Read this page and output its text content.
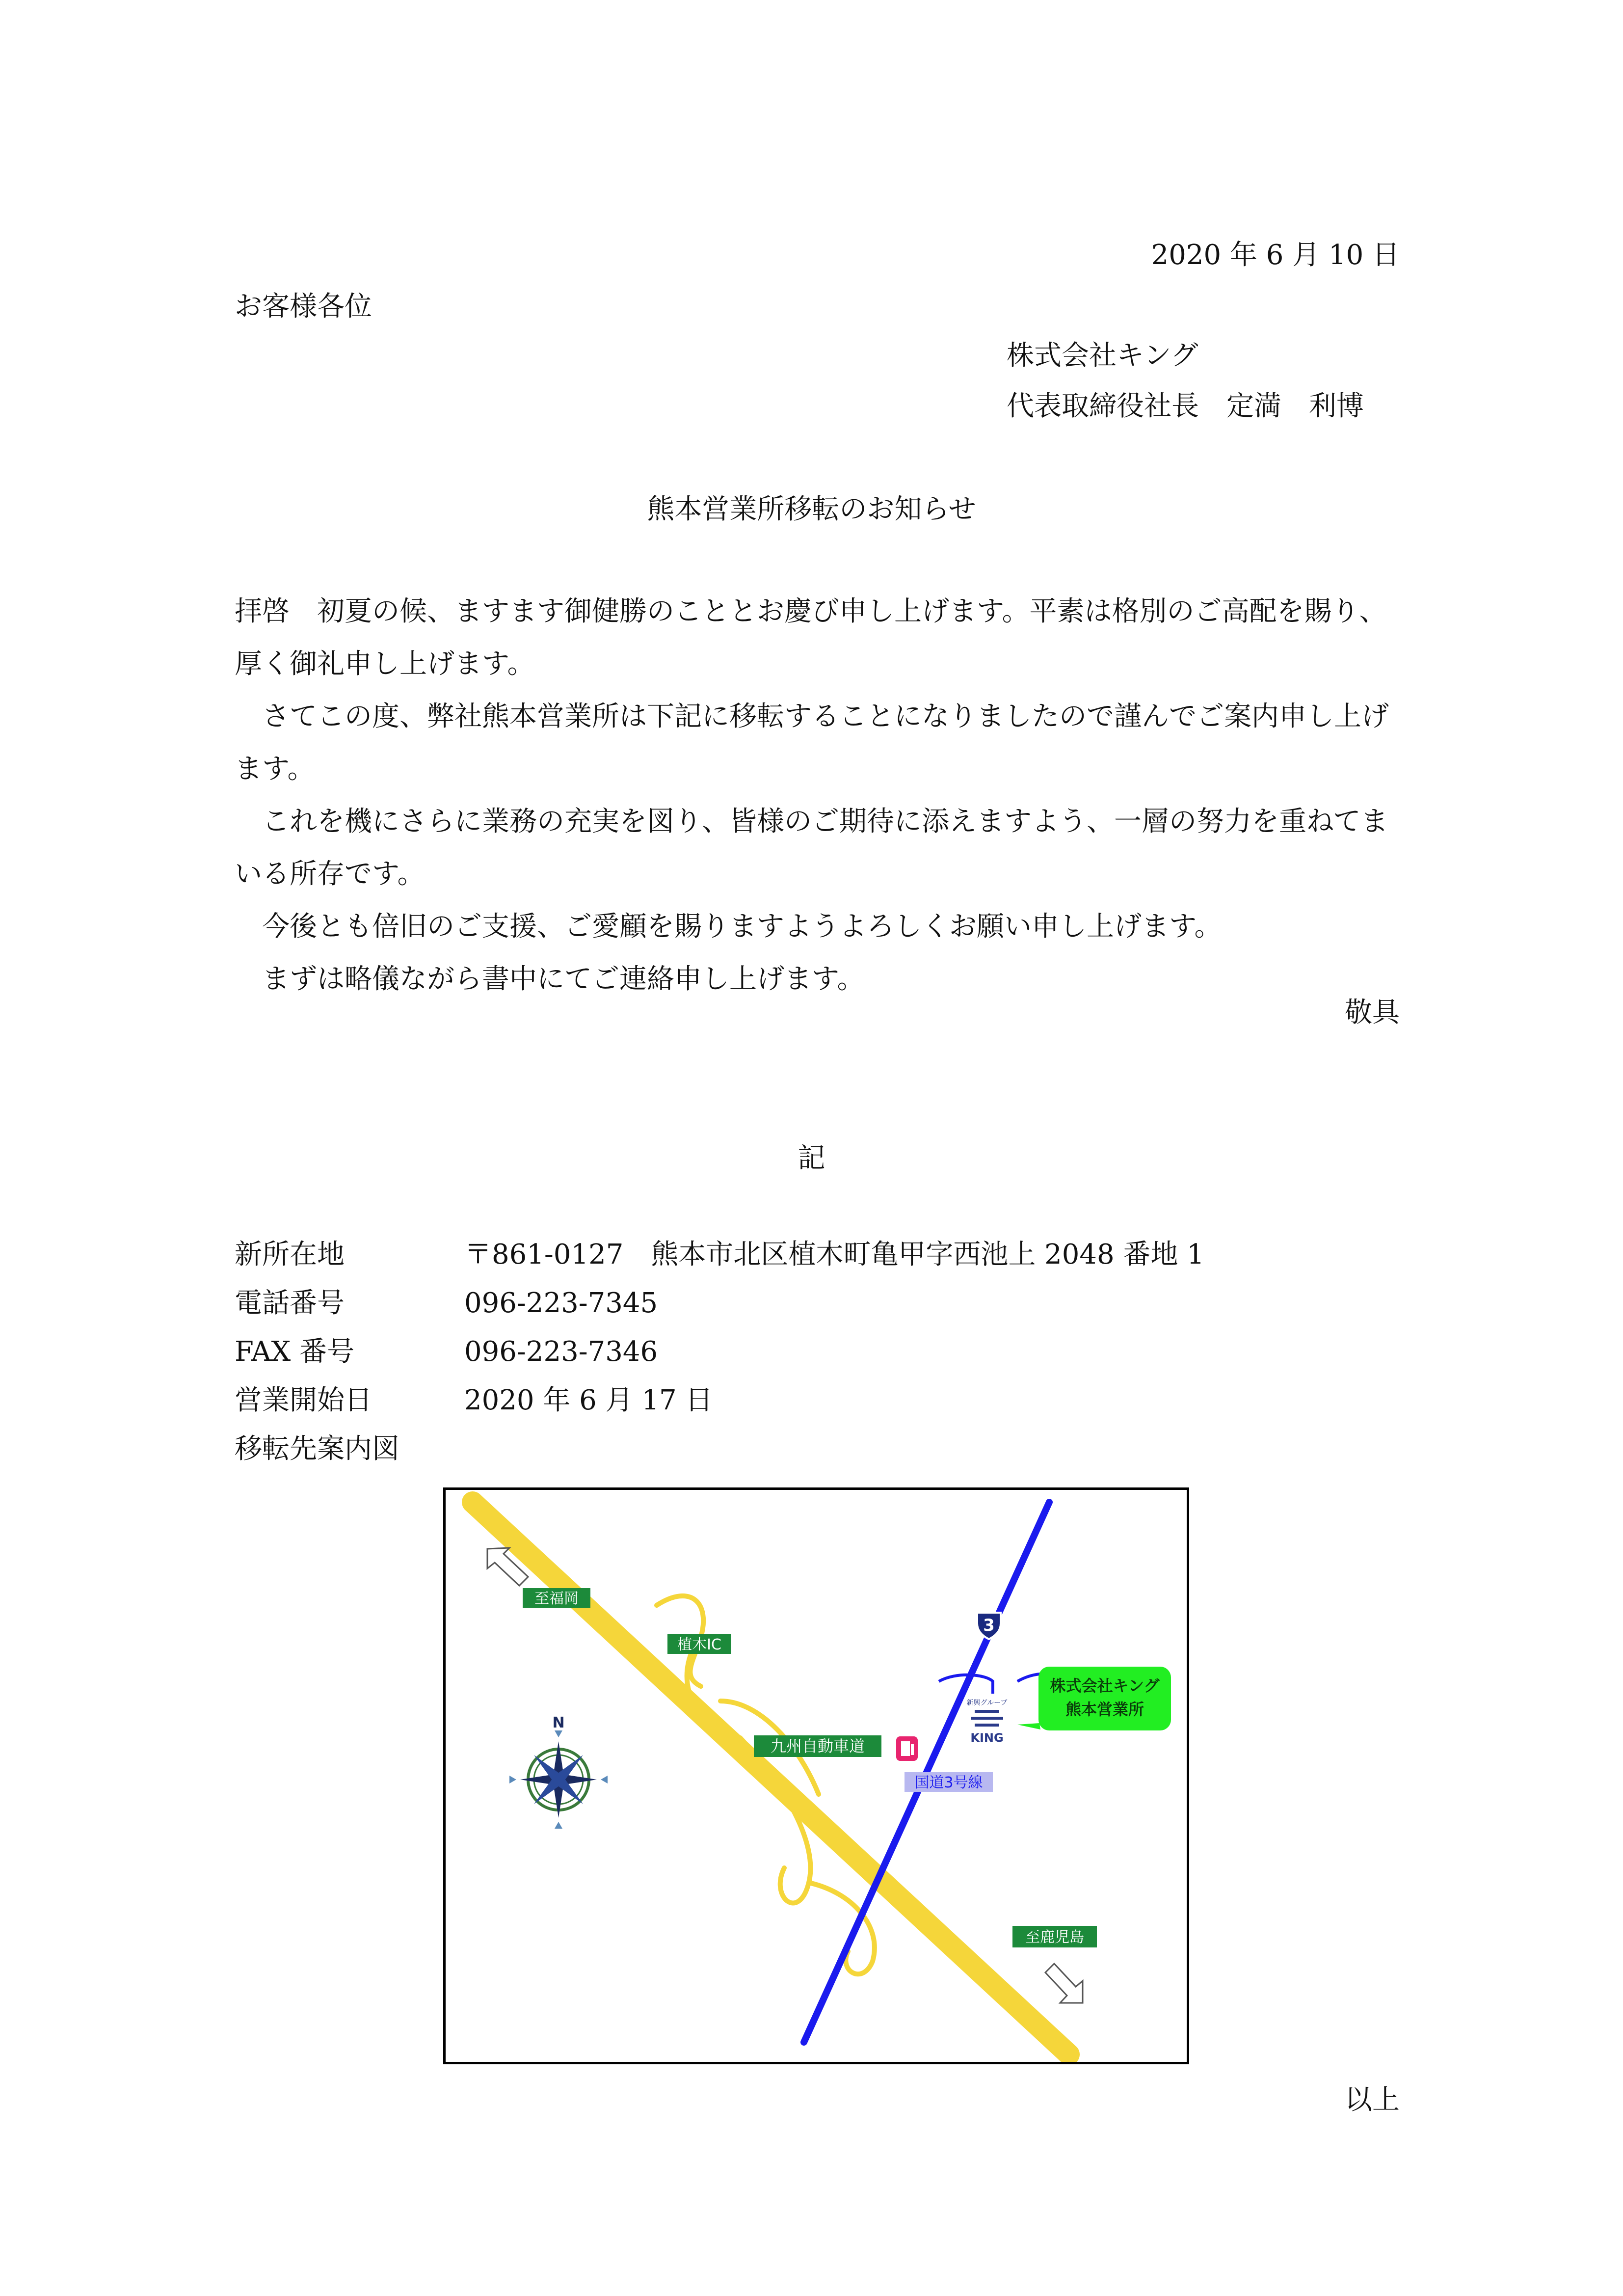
2020 年 6 月 10 日
お客様各位
株式会社キング
代表取締役社長　定満　利博
熊本営業所移転のお知らせ
拝啓　初夏の候、ますます御健勝のこととお慶び申し上げます。平素は格別のご高配を賜り、厚く御礼申し上げます。
　さてこの度、弊社熊本営業所は下記に移転することになりましたので謹んでご案内申し上げます。
　これを機にさらに業務の充実を図り、皆様のご期待に添えますよう、一層の努力を重ねてまいる所存です。
　今後とも倍旧のご支援、ご愛顧を賜りますようよろしくお願い申し上げます。
　まずは略儀ながら書中にてご連絡申し上げます。
敬具
記
新所在地	〒861-0127　熊本市北区植木町亀甲字西池上 2048 番地 1
電話番号	096-223-7345
FAX 番号	096-223-7346
営業開始日	2020 年 6 月 17 日
移転先案内図
3
至福岡
植木IC
九州自動車道
国道3号線
新興グループ
KING
株式会社キング
熊本営業所
N
至鹿児島
以上
